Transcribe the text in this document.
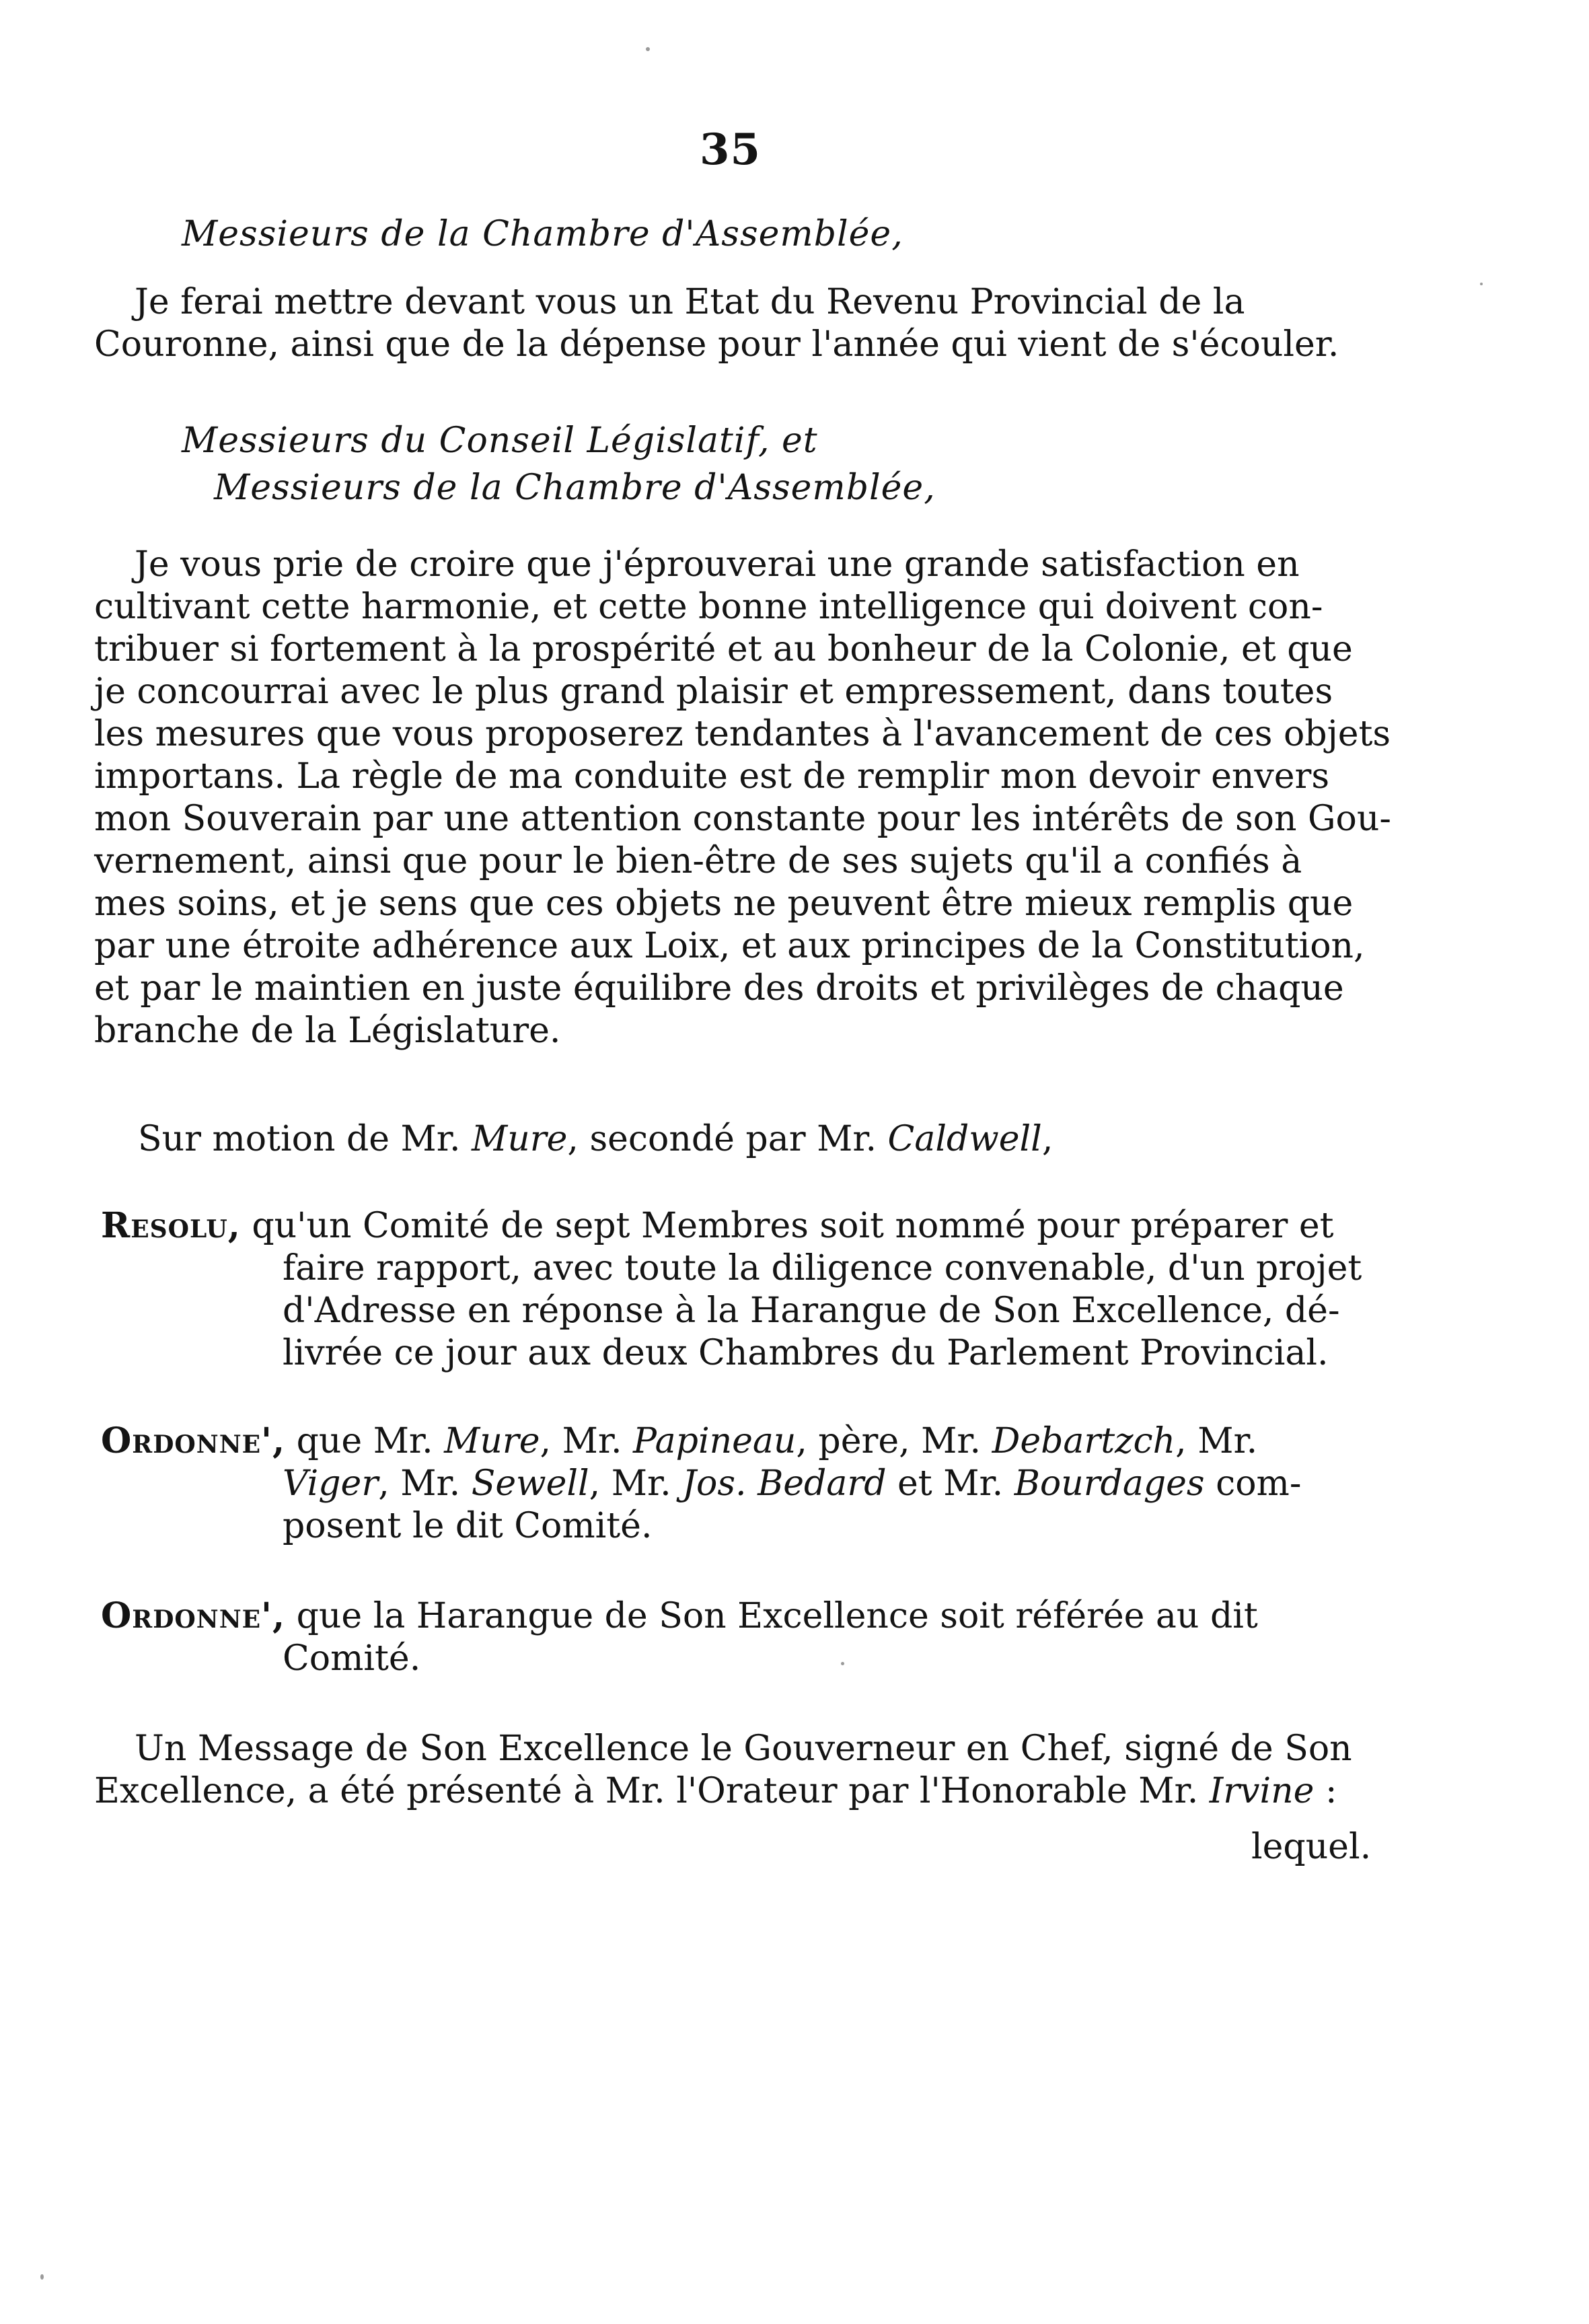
35
Messieurs de la Chambre d'Assemblée,
Je ferai mettre devant vous un Etat du Revenu Provincial de la
Couronne, ainsi que de la dépense pour l'année qui vient de s'écouler.
Messieurs du Conseil Législatif, et
Messieurs de la Chambre d'Assemblée,
Je vous prie de croire que j'éprouverai une grande satisfaction en
cultivant cette harmonie, et cette bonne intelligence qui doivent con-
tribuer si fortement à la prospérité et au bonheur de la Colonie, et que
je concourrai avec le plus grand plaisir et empressement, dans toutes
les mesures que vous proposerez tendantes à l'avancement de ces objets
importans. La règle de ma conduite est de remplir mon devoir envers
mon Souverain par une attention constante pour les intérêts de son Gou-
vernement, ainsi que pour le bien-être de ses sujets qu'il a confiés à
mes soins, et je sens que ces objets ne peuvent être mieux remplis que
par une étroite adhérence aux Loix, et aux principes de la Constitution,
et par le maintien en juste équilibre des droits et privilèges de chaque
branche de la Législature.
Sur motion de Mr. Mure, secondé par Mr. Caldwell,
Resolu, qu'un Comité de sept Membres soit nommé pour préparer et
faire rapport, avec toute la diligence convenable, d'un projet
d'Adresse en réponse à la Harangue de Son Excellence, dé-
livrée ce jour aux deux Chambres du Parlement Provincial.
Ordonne', que Mr. Mure, Mr. Papineau, père, Mr. Debartzch, Mr.
Viger, Mr. Sewell, Mr. Jos. Bedard et Mr. Bourdages com-
posent le dit Comité.
Ordonne', que la Harangue de Son Excellence soit référée au dit
Comité.
Un Message de Son Excellence le Gouverneur en Chef, signé de Son
Excellence, a été présenté à Mr. l'Orateur par l'Honorable Mr. Irvine :
lequel.
